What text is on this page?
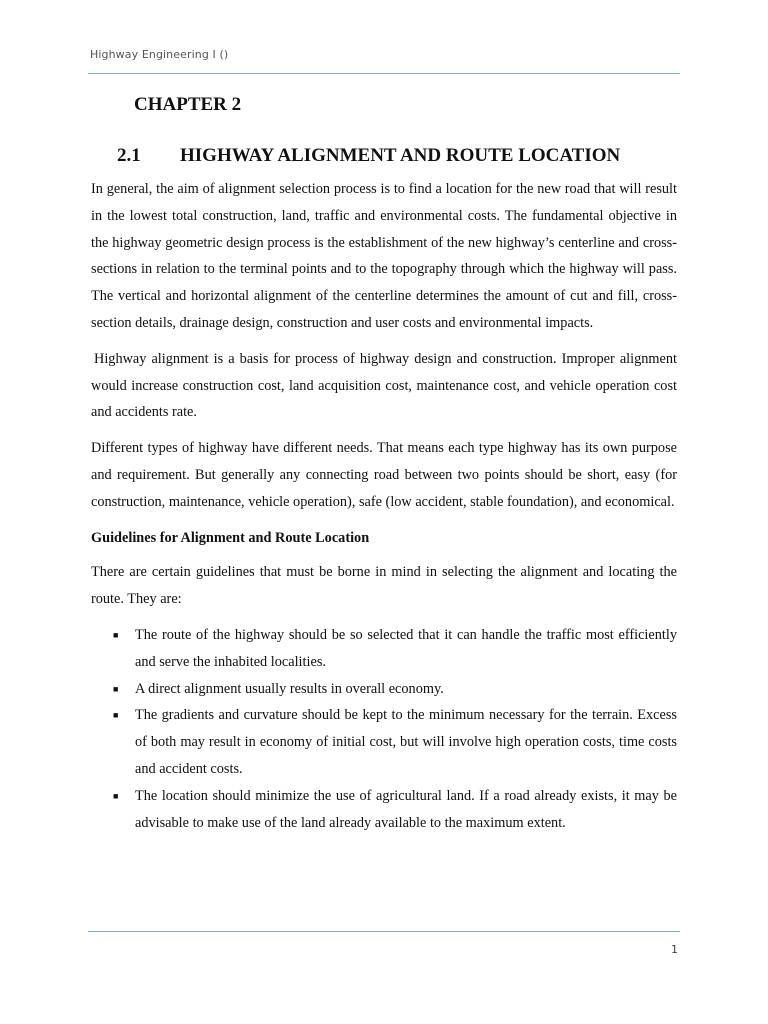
Highway Engineering I ()
CHAPTER 2
2.1 HIGHWAY ALIGNMENT AND ROUTE LOCATION

In general, the aim of alignment selection process is to find a location for the new road that will result in the lowest total construction, land, traffic and environmental costs. The fundamental objective in the highway geometric design process is the establishment of the new highway’s centerline and cross-sections in relation to the terminal points and to the topography through which the highway will pass. The vertical and horizontal alignment of the centerline determines the amount of cut and fill, cross-section details, drainage design, construction and user costs and environmental impacts.

Highway alignment is a basis for process of highway design and construction. Improper alignment would increase construction cost, land acquisition cost, maintenance cost, and vehicle operation cost and accidents rate.

Different types of highway have different needs. That means each type highway has its own purpose and requirement. But generally any connecting road between two points should be short, easy (for construction, maintenance, vehicle operation), safe (low accident, stable foundation), and economical.

Guidelines for Alignment and Route Location

There are certain guidelines that must be borne in mind in selecting the alignment and locating the route. They are:

■ The route of the highway should be so selected that it can handle the traffic most efficiently and serve the inhabited localities.
■ A direct alignment usually results in overall economy.
■ The gradients and curvature should be kept to the minimum necessary for the terrain. Excess of both may result in economy of initial cost, but will involve high operation costs, time costs and accident costs.
■ The location should minimize the use of agricultural land. If a road already exists, it may be advisable to make use of the land already available to the maximum extent.
1
